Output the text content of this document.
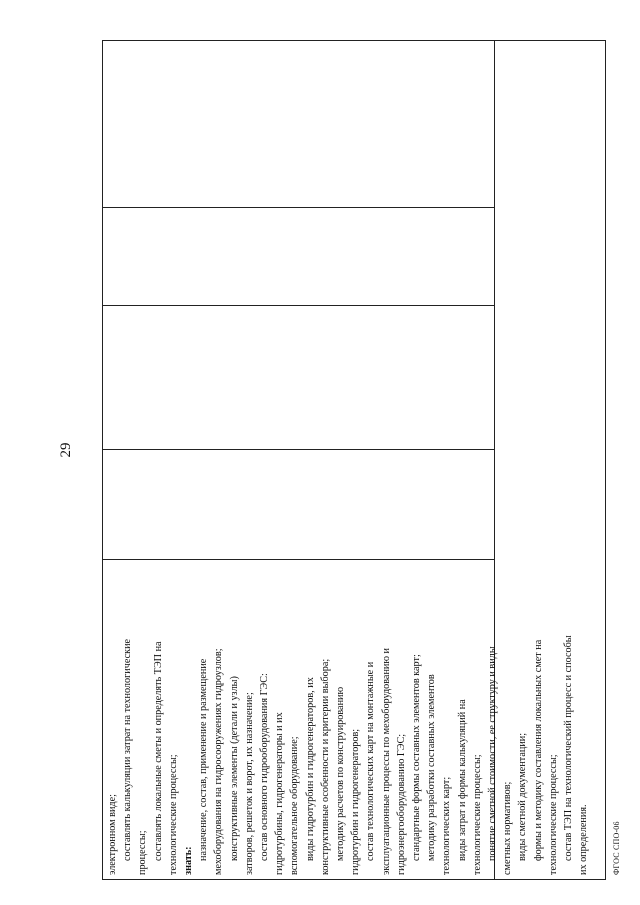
29
электронном виде; составлять калькуляции затрат на технологические процессы; составлять локальные сметы и определять ТЭП на технологические процессы; знать: назначение, состав, применение и размещение мехоборудования на гидросооружениях гидроузлов; конструктивные элементы (детали и узлы) затворов, решеток и ворот, их назначение; состав основного гидрооборудования ГЭС: гидротурбины, гидрогенераторы и их вспомогательное оборудование; виды гидротурбин и гидрогенераторов, их конструктивные особенности и критерии выбора; методику расчетов по конструированию гидротурбин и гидрогенераторов; состав технологических карт на монтажные и эксплуатационные процессы по мехоборудованию и гидроэнергооборудованию ГЭС; стандартные формы составных элементов карт; методику разработки составных элементов технологических карт; виды затрат и формы калькуляций на технологические процессы; понятие сметной стоимости, ее структуру и виды сметных нормативов; виды сметной документации; формы и методику составления локальных смет на технологические процессы; состав ТЭП на технологический процесс и способы их определения.	ФГОС СПО-06
